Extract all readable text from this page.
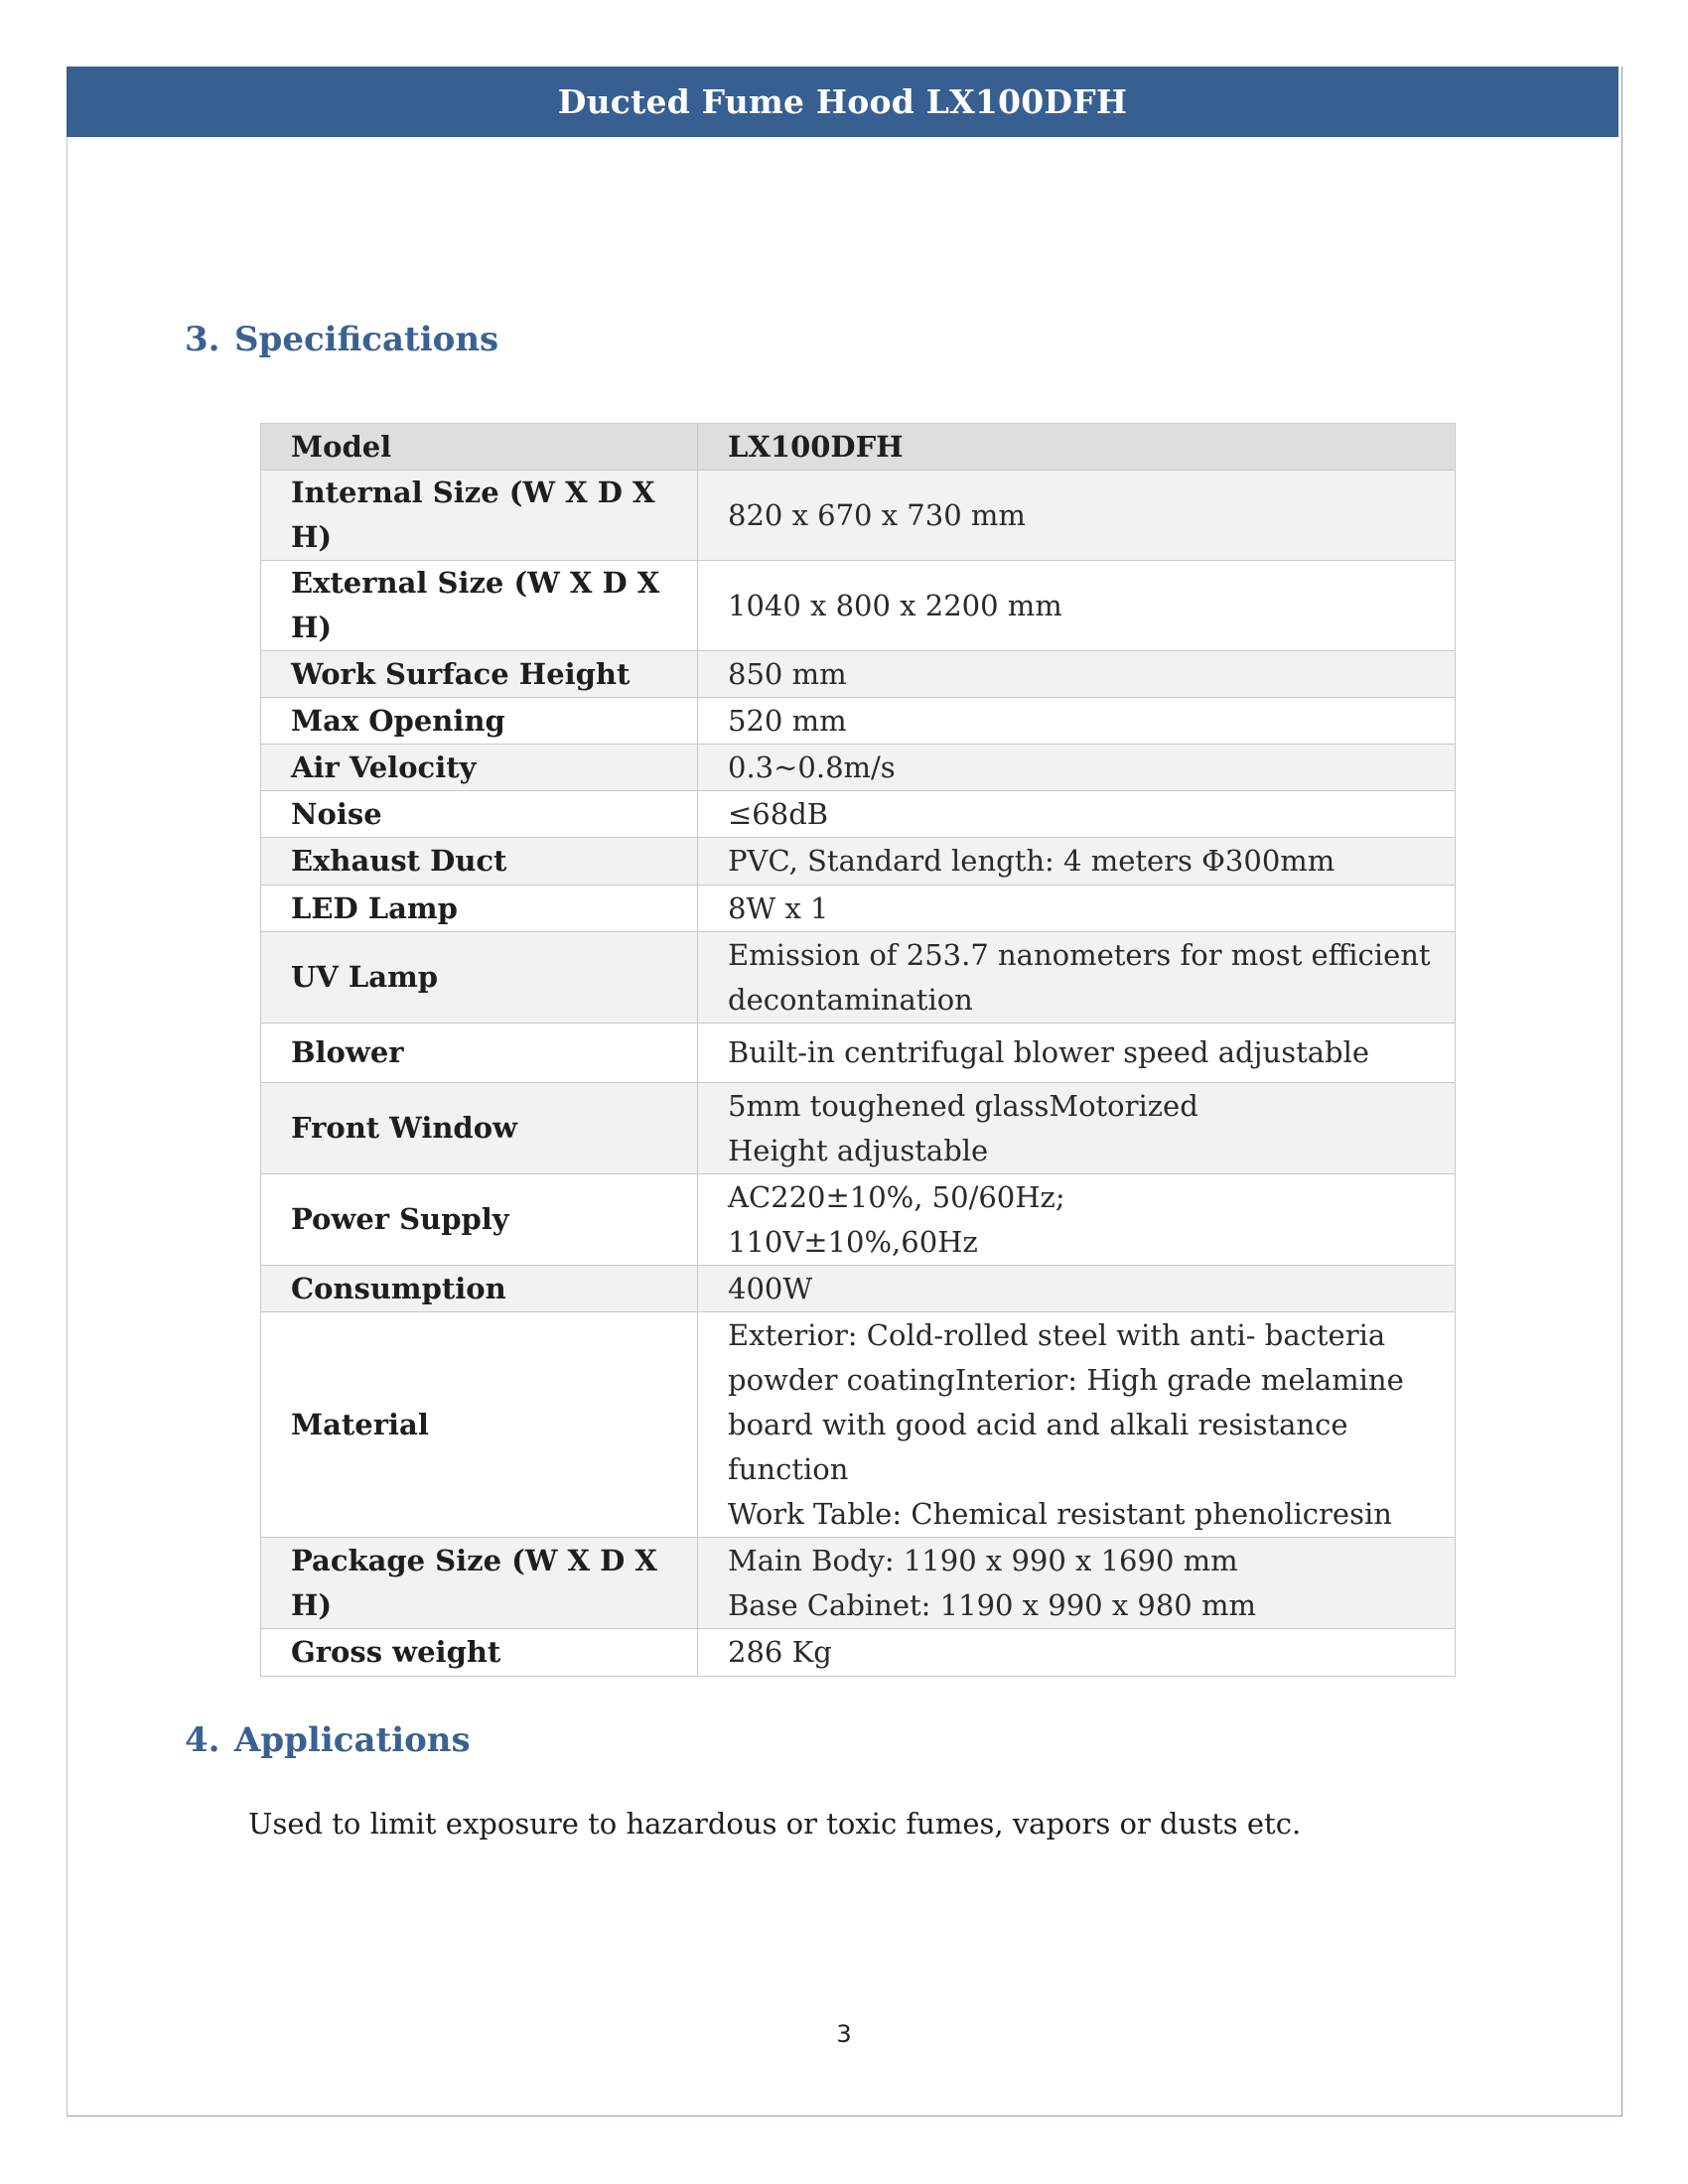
Ducted Fume Hood LX100DFH
3. Specifications
Model	LX100DFH
Internal Size (W X D X H)	820 x 670 x 730 mm
External Size (W X D X H)	1040 x 800 x 2200 mm
Work Surface Height	850 mm
Max Opening	520 mm
Air Velocity	0.3~0.8m/s
Noise	≤68dB
Exhaust Duct	PVC, Standard length: 4 meters Φ300mm
LED Lamp	8W x 1
UV Lamp	Emission of 253.7 nanometers for most efficient
decontamination
Blower	Built-in centrifugal blower speed adjustable
Front Window	5mm toughened glassMotorized
Height adjustable
Power Supply	AC220±10%, 50/60Hz;
110V±10%,60Hz
Consumption	400W
Material	Exterior: Cold-rolled steel with anti- bacteria
powder coatingInterior: High grade melamine
board with good acid and alkali resistance
function
Work Table: Chemical resistant phenolicresin
Package Size (W X D X H)	Main Body: 1190 x 990 x 1690 mm
Base Cabinet: 1190 x 990 x 980 mm
Gross weight	286 Kg
4. Applications
Used to limit exposure to hazardous or toxic fumes, vapors or dusts etc.
3
